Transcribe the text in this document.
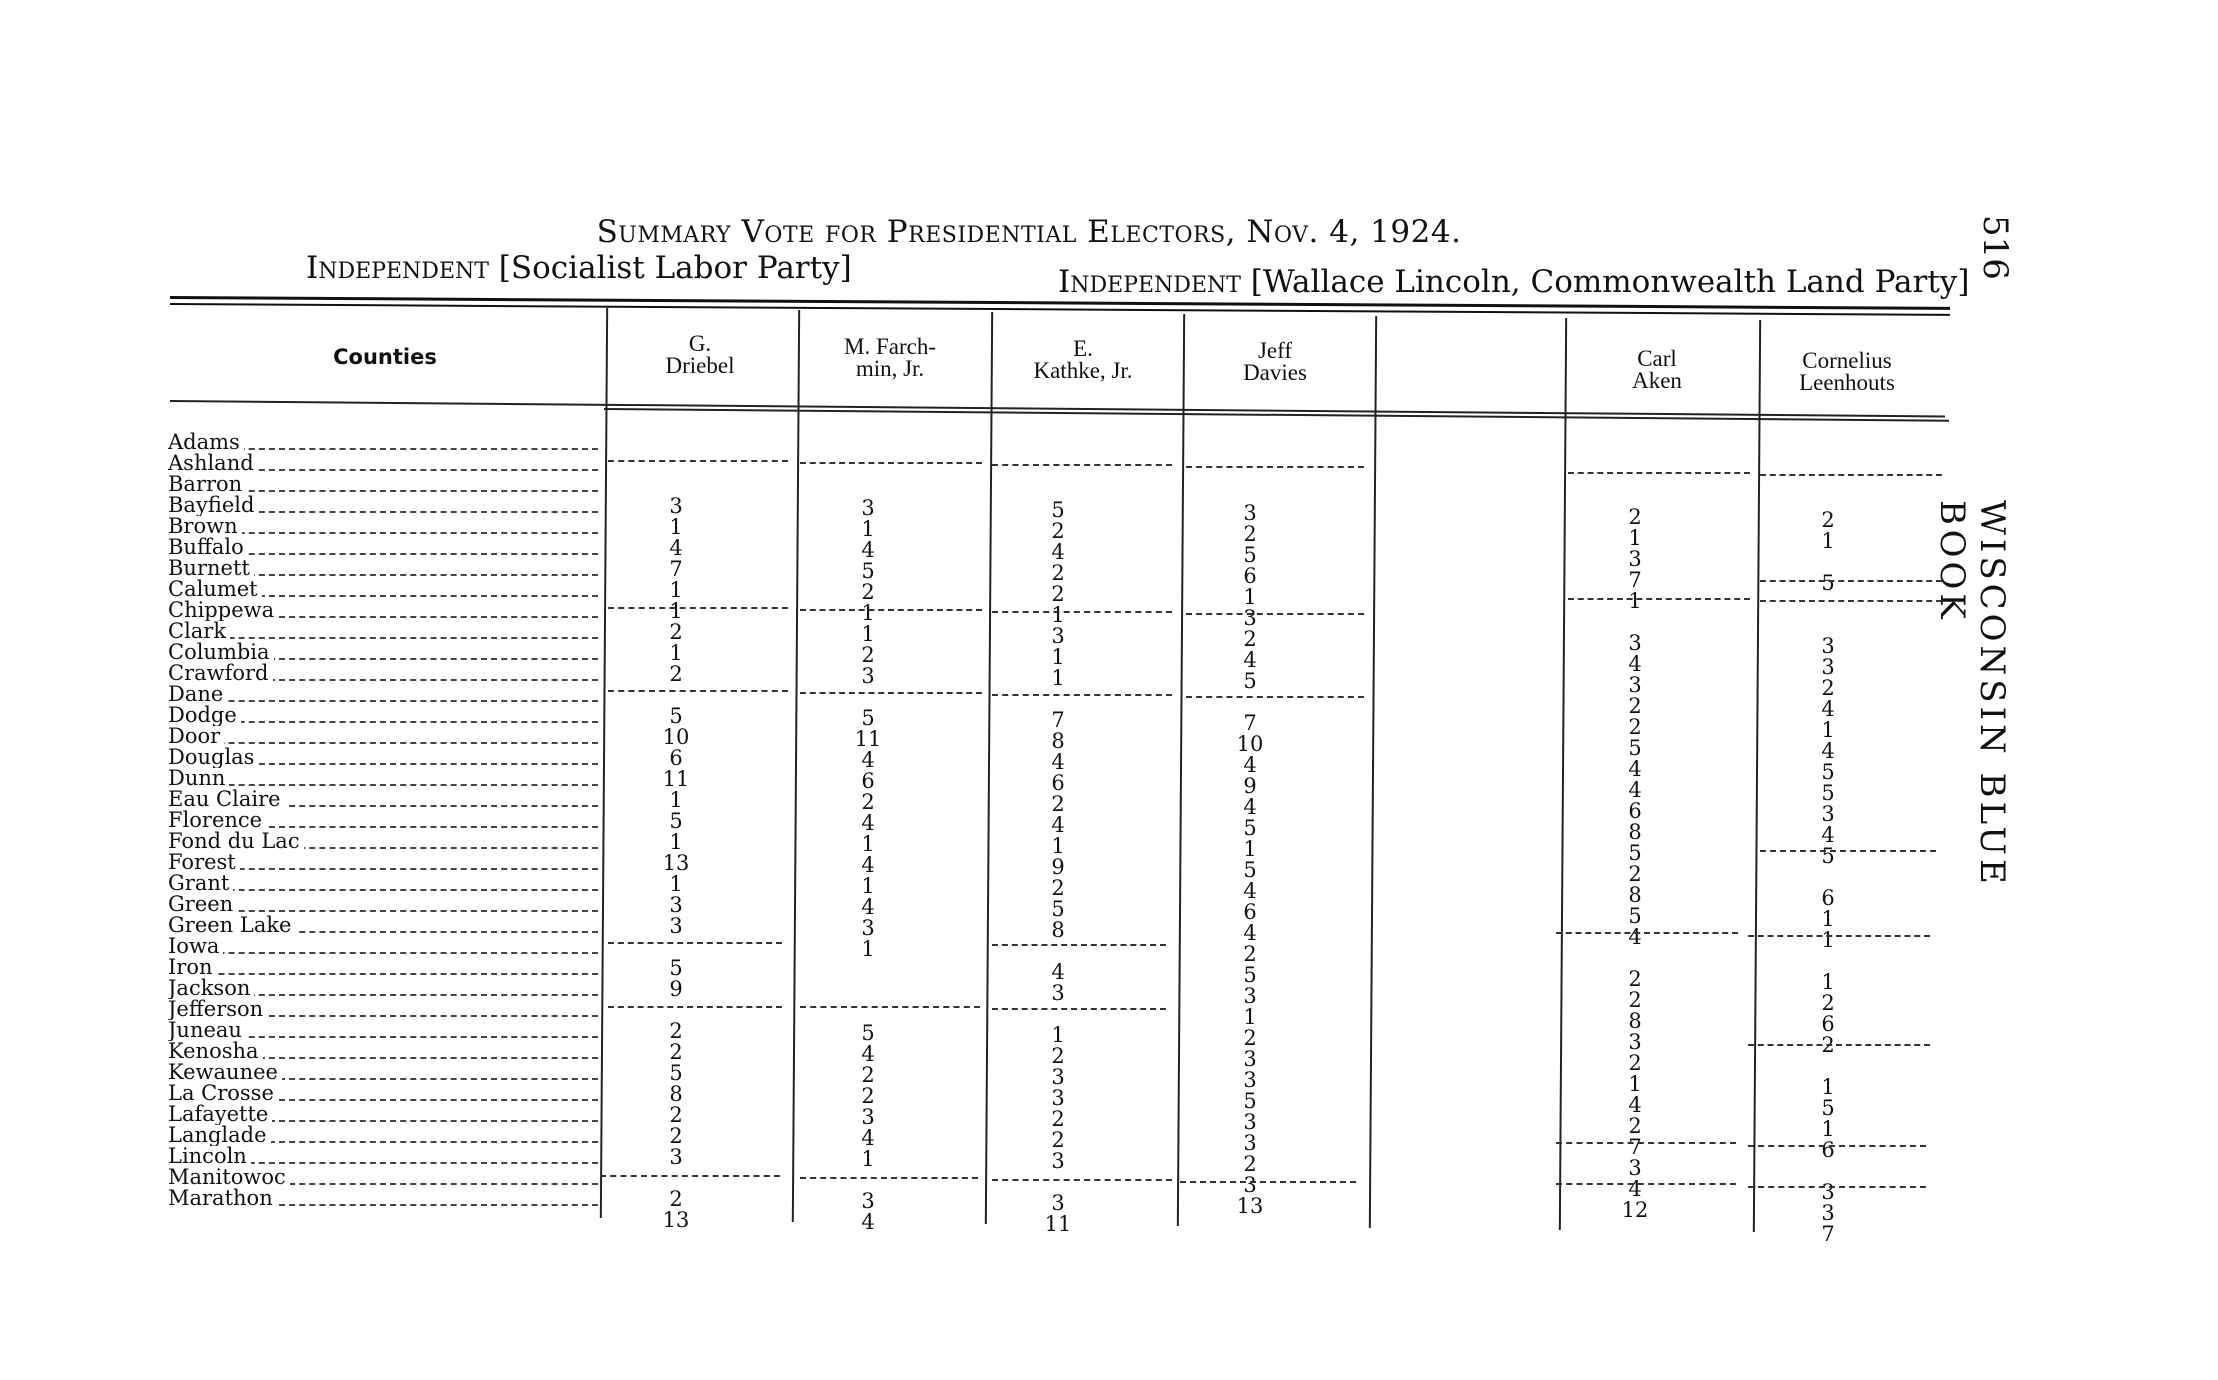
Summary Vote for Presidential Electors, Nov. 4, 1924.
Independent [Socialist Labor Party]	Independent [Wallace Lincoln, Commonwealth Land Party]
516
WISCONSIN BLUE BOOK
Counties
G.
Driebel
M. Farch-
min, Jr.
E.
Kathke, Jr.
Jeff
Davies
Carl
Aken
Cornelius
Leenhouts
Adams
Ashland
Barron
Bayfield
Brown
Buffalo
Burnett
Calumet
Chippewa
Clark
Columbia
Crawford
Dane
Dodge
Door
Douglas
Dunn
Eau Claire
Florence
Fond du Lac
Forest
Grant
Green
Green Lake
Iowa
Iron
Jackson
Jefferson
Juneau
Kenosha
Kewaunee
La Crosse
Lafayette
Langlade
Lincoln
Manitowoc
Marathon
3
1
4
7
1
1
2
1
2
5
10
6
11
1
5
1
13
1
3
3
5
9
2
2
5
8
2
2
3
2
13
3
1
4
5
2
1
1
2
3
5
11
4
6
2
4
1
4
1
4
3
1
5
4
2
2
3
4
1
3
4
5
2
4
2
2
1
3
1
1
7
8
4
6
2
4
1
9
2
5
8
4
3
1
2
3
3
2
2
3
3
11
3
2
5
6
1
3
2
4
5
7
10
4
9
4
5
1
5
4
6
4
2
5
3
1
2
3
3
5
3
3
2
3
13
2
1
3
7
1
3
4
3
2
2
5
4
4
6
8
5
2
8
5
4
2
2
8
3
2
1
4
2
7
3
4
12
2
1
5
3
3
2
4
1
4
5
5
3
4
5
6
1
1
1
2
6
2
1
5
1
6
3
3
7
